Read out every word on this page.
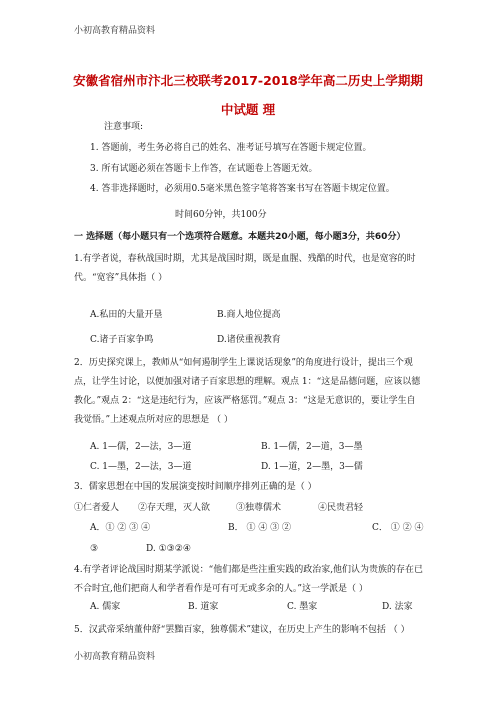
小初高教育精品资料
安徽省宿州市汴北三校联考2017-2018学年高二历史上学期期
中试题 理
注意事项:
1. 答题前，考生务必将自己的姓名、准考证号填写在答题卡规定位置。
3. 所有试题必须在答题卡上作答，在试题卷上答题无效。
4. 答非选择题时，必须用0.5毫米黑色签字笔将答案书写在答题卡规定位置。
时间60分钟，共100分
一 选择题（每小题只有一个选项符合题意。本题共20小题，每小题3分，共60分）
1.有学者说，春秋战国时期，尤其是战国时期，既是血腥、残酷的时代，也是宽容的时代。“宽容”具体指（ ）
A.私田的大量开垦	B.商人地位提高
C.诸子百家争鸣	D.诸侯重视教育
2．历史探究课上，教师从“如何遏制学生上课说话现象”的角度进行设计，提出三个观点，让学生讨论，以便加强对诸子百家思想的理解。观点 1：“这是品德问题，应该以德教化。”观点 2：“这是违纪行为，应该严格惩罚。”观点 3：“这是无意识的，要让学生自我觉悟。”上述观点所对应的思想是 （ ）
A. 1—儒，2—法，3—道	B. 1—儒，2—道，3—墨
C. 1—墨，2—法，3—道	D. 1—道，2—墨，3—儒
3．儒家思想在中国的发展演变按时间顺序排列正确的是（ ）
①仁者爱人 ②存天理，灭人欲	③独尊儒术	④民贵君轻
A．① ② ③ ④	B． ① ④ ③ ②	C． ① ② ④
③	D. ①③②④
4.有学者评论战国时期某学派说：“他们都是些注重实践的政治家,他们认为贵族的存在已不合时宜,他们把商人和学者看作是可有可无或多余的人。”这一学派是（ ）
A. 儒家	B. 道家	C. 墨家	D. 法家
5．汉武帝采纳董仲舒“罢黜百家，独尊儒术”建议，在历史上产生的影响不包括 （ ）
小初高教育精品资料
